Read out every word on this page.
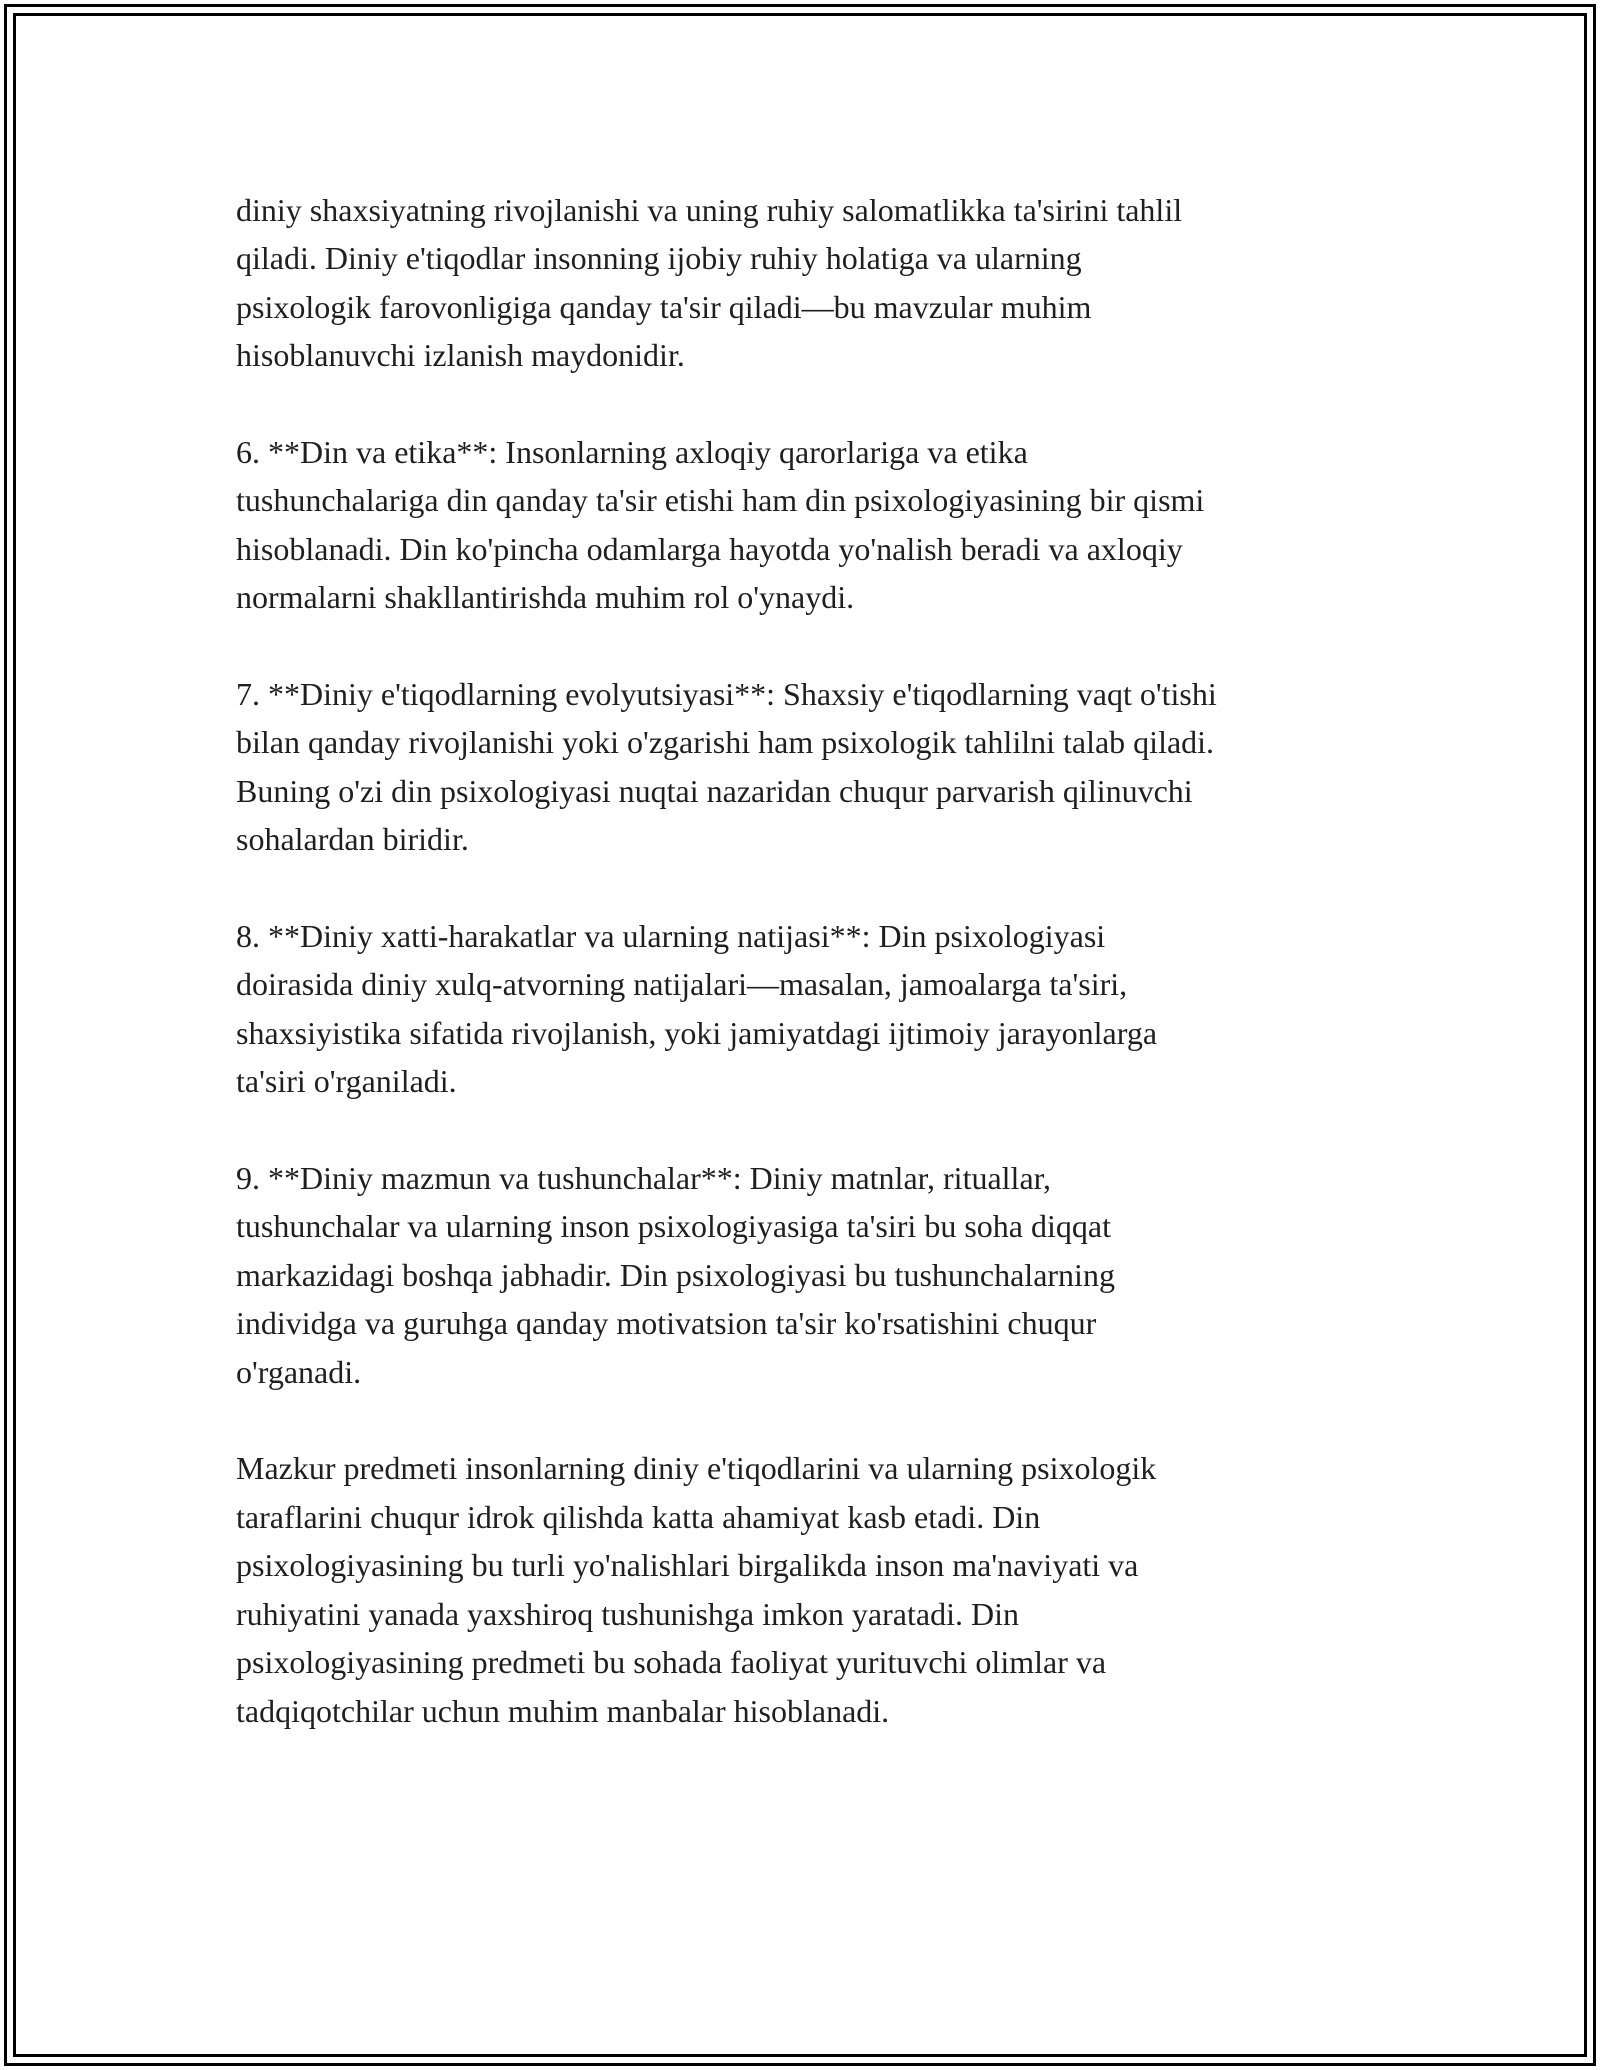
diniy shaxsiyatning rivojlanishi va uning ruhiy salomatlikka ta'sirini tahlil
qiladi. Diniy e'tiqodlar insonning ijobiy ruhiy holatiga va ularning
psixologik farovonligiga qanday ta'sir qiladi—bu mavzular muhim
hisoblanuvchi izlanish maydonidir.

6. **Din va etika**: Insonlarning axloqiy qarorlariga va etika
tushunchalariga din qanday ta'sir etishi ham din psixologiyasining bir qismi
hisoblanadi. Din ko'pincha odamlarga hayotda yo'nalish beradi va axloqiy
normalarni shakllantirishda muhim rol o'ynaydi.

7. **Diniy e'tiqodlarning evolyutsiyasi**: Shaxsiy e'tiqodlarning vaqt o'tishi
bilan qanday rivojlanishi yoki o'zgarishi ham psixologik tahlilni talab qiladi.
Buning o'zi din psixologiyasi nuqtai nazaridan chuqur parvarish qilinuvchi
sohalardan biridir.

8. **Diniy xatti-harakatlar va ularning natijasi**: Din psixologiyasi
doirasida diniy xulq-atvorning natijalari—masalan, jamoalarga ta'siri,
shaxsiyistika sifatida rivojlanish, yoki jamiyatdagi ijtimoiy jarayonlarga
ta'siri o'rganiladi.

9. **Diniy mazmun va tushunchalar**: Diniy matnlar, rituallar,
tushunchalar va ularning inson psixologiyasiga ta'siri bu soha diqqat
markazidagi boshqa jabhadir. Din psixologiyasi bu tushunchalarning
individga va guruhga qanday motivatsion ta'sir ko'rsatishini chuqur
o'rganadi.

Mazkur predmeti insonlarning diniy e'tiqodlarini va ularning psixologik
taraflarini chuqur idrok qilishda katta ahamiyat kasb etadi. Din
psixologiyasining bu turli yo'nalishlari birgalikda inson ma'naviyati va
ruhiyatini yanada yaxshiroq tushunishga imkon yaratadi. Din
psixologiyasining predmeti bu sohada faoliyat yurituvchi olimlar va
tadqiqotchilar uchun muhim manbalar hisoblanadi.
